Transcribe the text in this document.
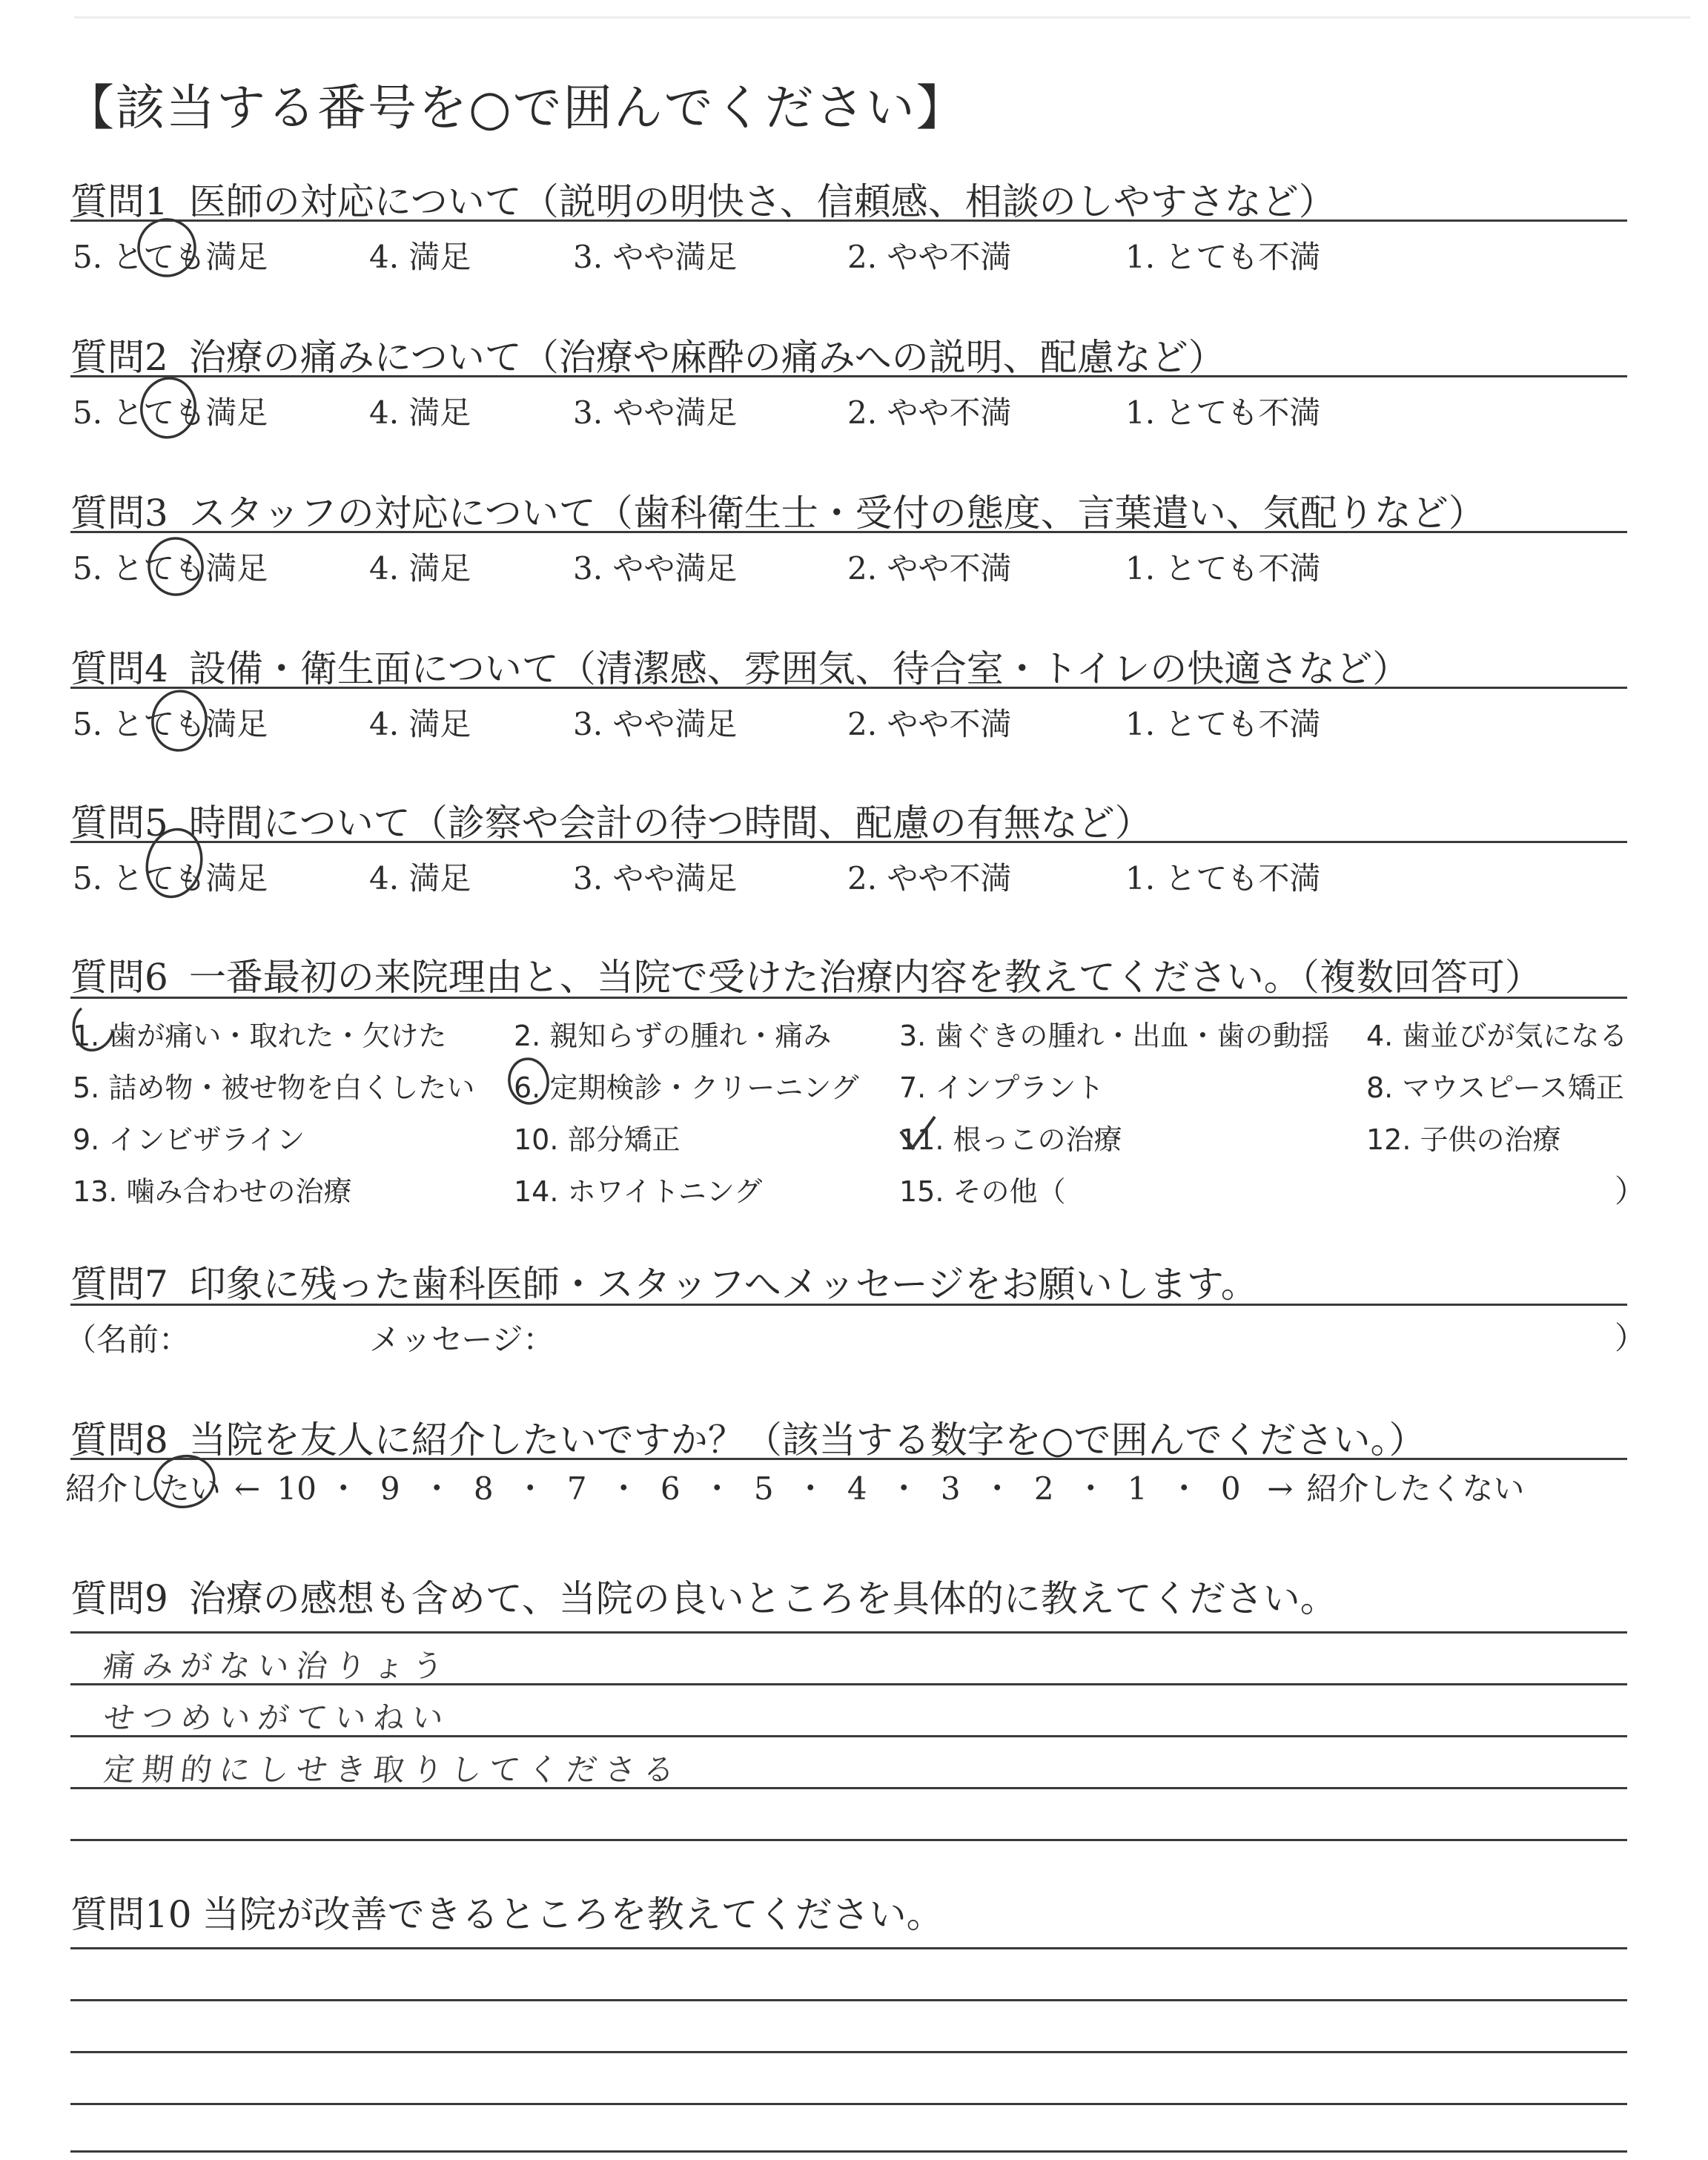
【該当する番号を○で囲んでください】
質問1 医師の対応について（説明の明快さ、信頼感、相談のしやすさなど）
5. とても満足	4. 満足	3. やや満足	2. やや不満	1. とても不満
質問2 治療の痛みについて（治療や麻酔の痛みへの説明、配慮など）
5. とても満足	4. 満足	3. やや満足	2. やや不満	1. とても不満
質問3 スタッフの対応について（歯科衛生士・受付の態度、言葉遣い、気配りなど）
5. とても満足	4. 満足	3. やや満足	2. やや不満	1. とても不満
質問4 設備・衛生面について（清潔感、雰囲気、待合室・トイレの快適さなど）
5. とても満足	4. 満足	3. やや満足	2. やや不満	1. とても不満
質問5 時間について（診察や会計の待つ時間、配慮の有無など）
5. とても満足	4. 満足	3. やや満足	2. やや不満	1. とても不満
質問6 一番最初の来院理由と、当院で受けた治療内容を教えてください。（複数回答可）
1. 歯が痛い・取れた・欠けた 2. 親知らずの腫れ・痛み 3. 歯ぐきの腫れ・出血・歯の動揺 4. 歯並びが気になる
5. 詰め物・被せ物を白くしたい 6. 定期検診・クリーニング 7. インプラント	8. マウスピース矯正
9. インビザライン	10. 部分矯正	11. 根っこの治療	12. 子供の治療
13. 噛み合わせの治療	14. ホワイトニング	15. その他（	）
質問7 印象に残った歯科医師・スタッフへメッセージをお願いします。
（名前：	メッセージ：	）
質問8 当院を友人に紹介したいですか？（該当する数字を○で囲んでください。）
紹介したい ← 10 ・ 9 ・ 8 ・ 7 ・ 6 ・ 5 ・ 4 ・ 3 ・ 2 ・ 1 ・ 0 → 紹介したくない
質問9 治療の感想も含めて、当院の良いところを具体的に教えてください。
痛みがない治りょう
せつめいがていねい
定期的にしせき取りしてくださる
質問10 当院が改善できるところを教えてください。
